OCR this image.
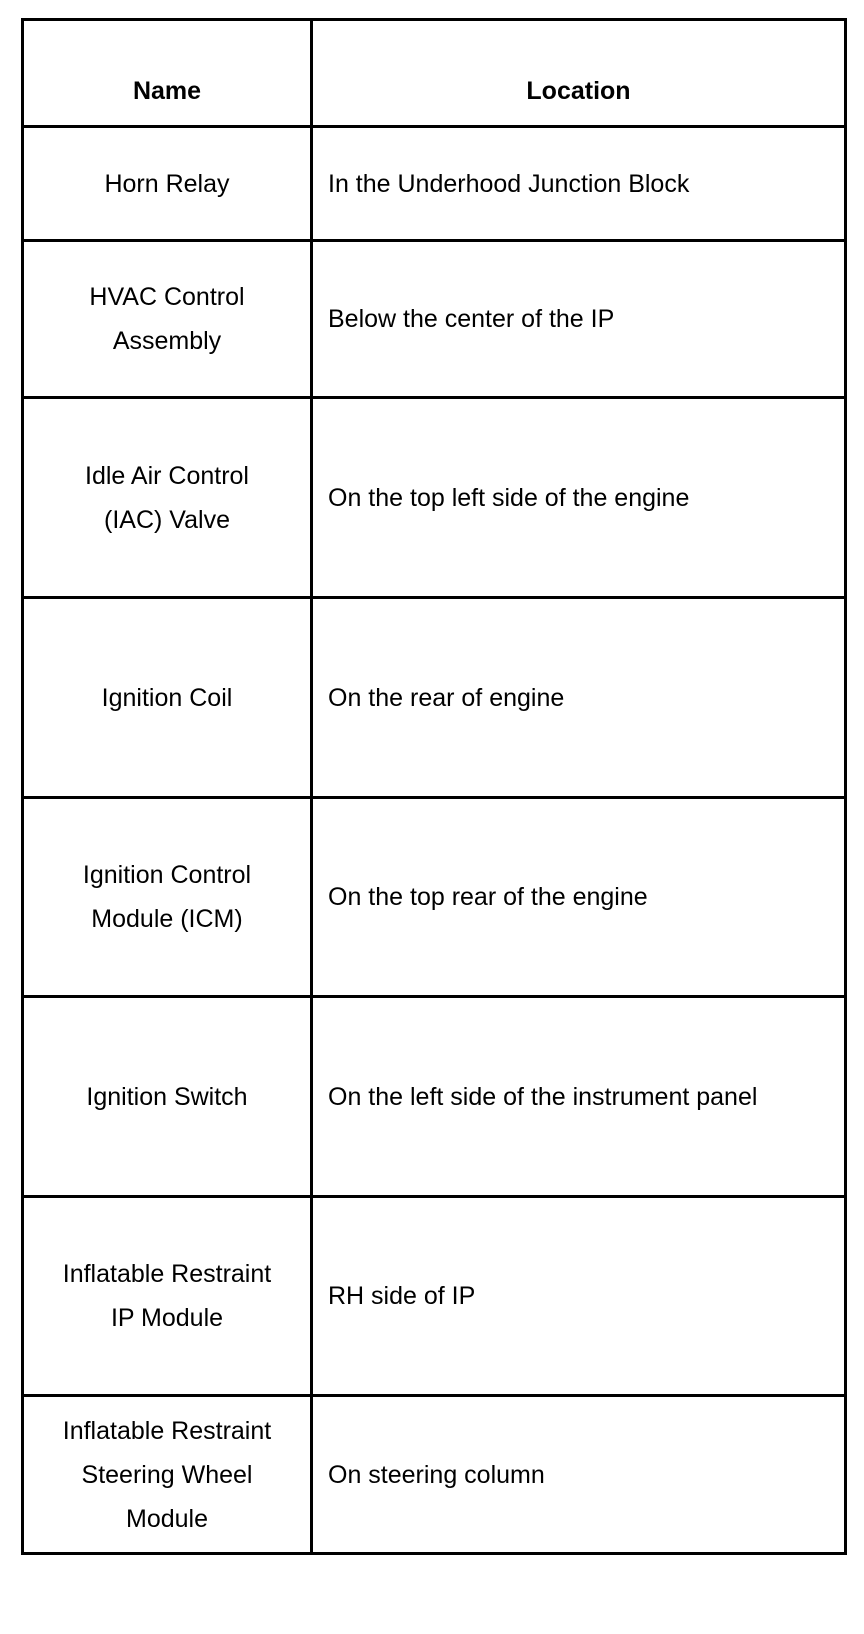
Name	Location
Horn Relay	In the Underhood Junction Block
HVAC Control
Assembly	Below the center of the IP
Idle Air Control
(IAC) Valve	On the top left side of the engine
Ignition Coil	On the rear of engine
Ignition Control
Module (ICM)	On the top rear of the engine
Ignition Switch	On the left side of the instrument panel
Inflatable Restraint
IP Module	RH side of IP
Inflatable Restraint
Steering Wheel
Module	On steering column
